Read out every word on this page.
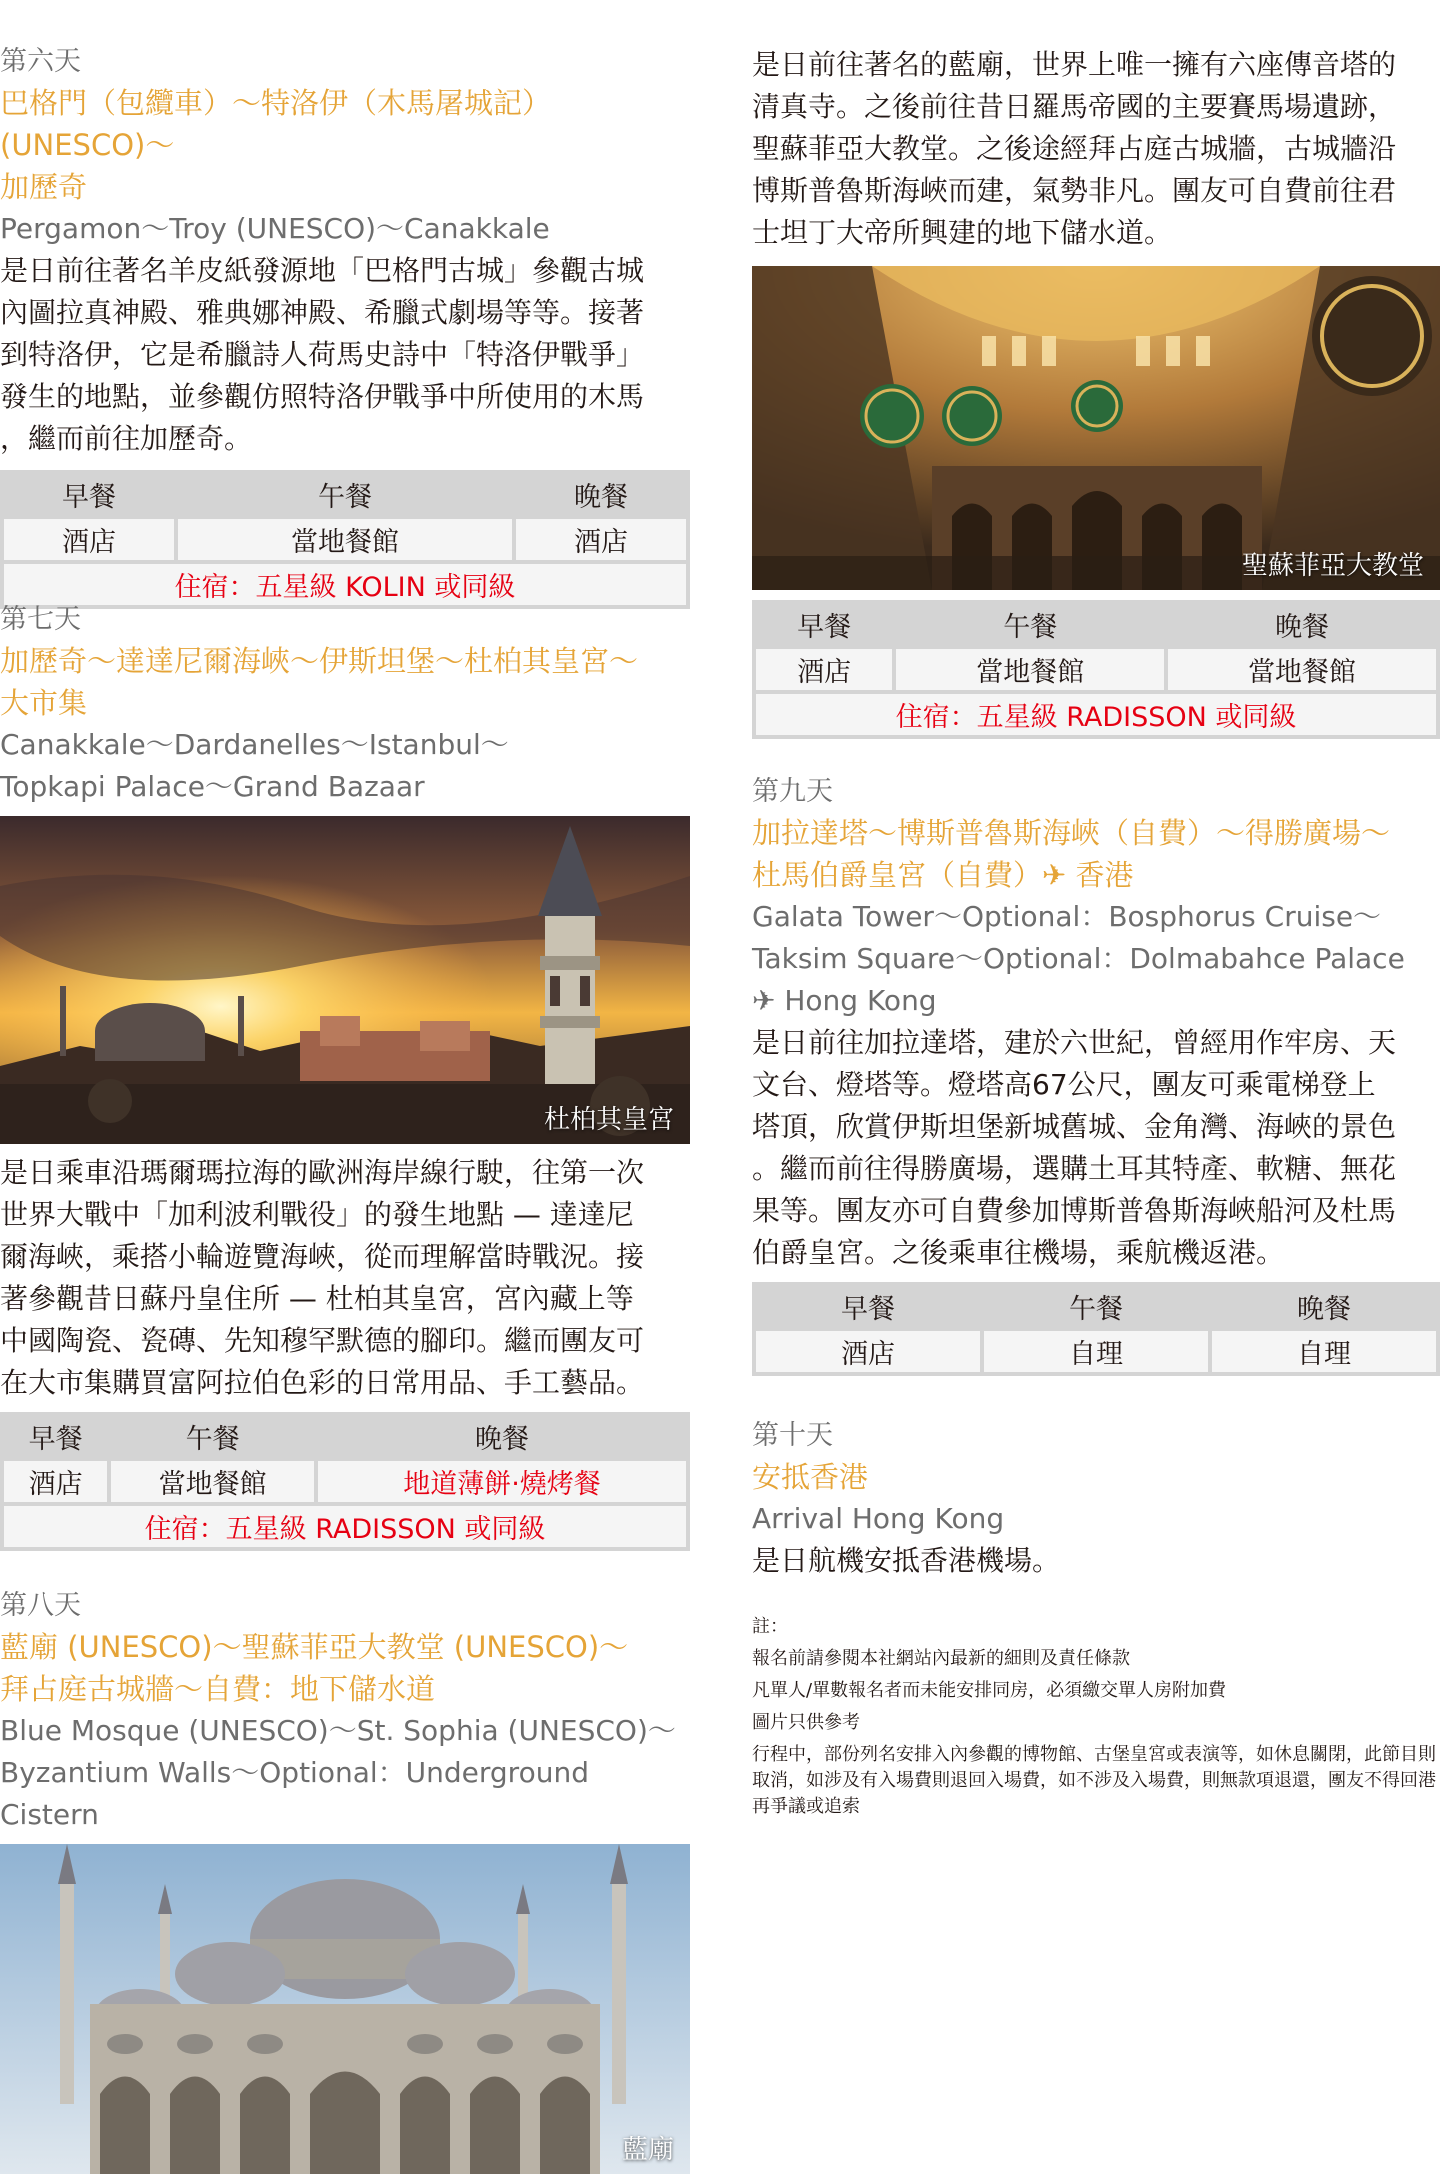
第六天
巴格門（包纜車）～特洛伊（木馬屠城記）(UNESCO)～
加歷奇
Pergamon～Troy (UNESCO)～Canakkale
是日前往著名羊皮紙發源地「巴格門古城」參觀古城
內圖拉真神殿、雅典娜神殿、希臘式劇場等等。接著
到特洛伊，它是希臘詩人荷馬史詩中「特洛伊戰爭」
發生的地點，並參觀仿照特洛伊戰爭中所使用的木馬
，繼而前往加歷奇。
早餐	午餐	晚餐
酒店	當地餐館	酒店
住宿：五星級 KOLIN 或同級		
第七天
加歷奇～達達尼爾海峽～伊斯坦堡～杜柏其皇宮～
大市集
Canakkale～Dardanelles～Istanbul～
Topkapi Palace～Grand Bazaar
杜柏其皇宮
是日乘車沿瑪爾瑪拉海的歐洲海岸線行駛，往第一次
世界大戰中「加利波利戰役」的發生地點 — 達達尼
爾海峽，乘搭小輪遊覽海峽，從而理解當時戰況。接
著參觀昔日蘇丹皇住所 — 杜柏其皇宮，宮內藏上等
中國陶瓷、瓷磚、先知穆罕默德的腳印。繼而團友可
在大市集購買富阿拉伯色彩的日常用品、手工藝品。
早餐	午餐	晚餐
酒店	當地餐館	地道薄餅‧燒烤餐
住宿：五星級 RADISSON 或同級		
第八天
藍廟 (UNESCO)～聖蘇菲亞大教堂 (UNESCO)～
拜占庭古城牆～自費：地下儲水道
Blue Mosque (UNESCO)～St. Sophia (UNESCO)～
Byzantium Walls～Optional：Underground Cistern
藍廟
是日前往著名的藍廟，世界上唯一擁有六座傳音塔的
清真寺。之後前往昔日羅馬帝國的主要賽馬場遺跡，
聖蘇菲亞大教堂。之後途經拜占庭古城牆，古城牆沿
博斯普魯斯海峽而建，氣勢非凡。團友可自費前往君
士坦丁大帝所興建的地下儲水道。
聖蘇菲亞大教堂
早餐	午餐	晚餐
酒店	當地餐館	當地餐館
住宿：五星級 RADISSON 或同級		
第九天
加拉達塔～博斯普魯斯海峽（自費）～得勝廣場～
杜馬伯爵皇宮（自費）✈ 香港
Galata Tower～Optional：Bosphorus Cruise～
Taksim Square～Optional：Dolmabahce Palace
✈ Hong Kong
是日前往加拉達塔，建於六世紀，曾經用作牢房、天
文台、燈塔等。燈塔高67公尺，團友可乘電梯登上
塔頂，欣賞伊斯坦堡新城舊城、金角灣、海峽的景色
。繼而前往得勝廣場，選購土耳其特產、軟糖、無花
果等。團友亦可自費參加博斯普魯斯海峽船河及杜馬
伯爵皇宮。之後乘車往機場，乘航機返港。
早餐	午餐	晚餐
酒店	自理	自理
第十天
安抵香港
Arrival Hong Kong
是日航機安抵香港機場。

註：

報名前請參閱本社網站內最新的細則及責任條款

凡單人/單數報名者而未能安排同房，必須繳交單人房附加費

圖片只供參考

行程中，部份列名安排入內參觀的博物館、古堡皇宮或表演等，如休息關閉，此節目則取消，如涉及有入場費則退回入場費，如不涉及入場費，則無款項退還，團友不得回港再爭議或追索
